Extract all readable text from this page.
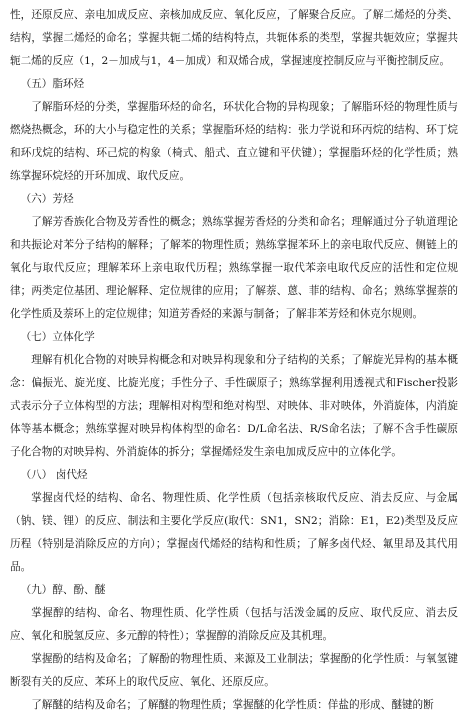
性，还原反应、亲电加成反应、亲核加成反应、氧化反应，了解聚合反应。了解二烯烃的分类、结构，掌握二烯烃的命名；掌握共轭二烯的结构特点，共轭体系的类型，掌握共轭效应；掌握共轭二烯的反应（1，2－加成与1，4－加成）和双烯合成，掌握速度控制反应与平衡控制反应。

（五）脂环烃

了解脂环烃的分类，掌握脂环烃的命名，环状化合物的异构现象；了解脂环烃的物理性质与燃烧热概念，环的大小与稳定性的关系；掌握脂环烃的结构：张力学说和环丙烷的结构、环丁烷和环戊烷的结构、环己烷的构象（椅式、船式、直立键和平伏键）；掌握脂环烃的化学性质；熟练掌握环烷烃的开环加成、取代反应。

（六）芳烃

了解芳香族化合物及芳香性的概念；熟练掌握芳香烃的分类和命名；理解通过分子轨道理论和共振论对苯分子结构的解释；了解苯的物理性质；熟练掌握苯环上的亲电取代反应、侧链上的氧化与取代反应；理解苯环上亲电取代历程；熟练掌握一取代苯亲电取代反应的活性和定位规律；两类定位基团、理论解释、定位规律的应用；了解萘、蒽、菲的结构、命名；熟练掌握萘的化学性质及萘环上的定位规律；知道芳香烃的来源与制备；了解非苯芳烃和休克尔规则。

（七）立体化学

理解有机化合物的对映异构概念和对映异构现象和分子结构的关系；了解旋光异构的基本概念：偏振光、旋光度、比旋光度；手性分子、手性碳原子；熟练掌握利用透视式和Fischer投影式表示分子立体构型的方法；理解相对构型和绝对构型、对映体、非对映体，外消旋体，内消旋体等基本概念；熟练掌握对映异构体构型的命名：D/L命名法、R/S命名法；了解不含手性碳原子化合物的对映异构、外消旋体的拆分；掌握烯烃发生亲电加成反应中的立体化学。

（八） 卤代烃

掌握卤代烃的结构、命名、物理性质、化学性质（包括亲核取代反应、消去反应、与金属（钠、镁、锂）的反应、制法和主要化学反应(取代：SN1，SN2；消除：E1，E2)类型及反应历程（特别是消除反应的方向）；掌握卤代烯烃的结构和性质；了解多卤代烃、氟里昂及其代用品。

（九）醇、酚、醚

掌握醇的结构、命名、物理性质、化学性质（包括与活泼金属的反应、取代反应、消去反应、氧化和脱氢反应、多元醇的特性）；掌握醇的消除反应及其机理。

掌握酚的结构及命名；了解酚的物理性质、来源及工业制法；掌握酚的化学性质：与氧氢键断裂有关的反应、苯环上的取代反应、氧化、还原反应。

了解醚的结构及命名；了解醚的物理性质；掌握醚的化学性质：佯盐的形成、醚键的断
